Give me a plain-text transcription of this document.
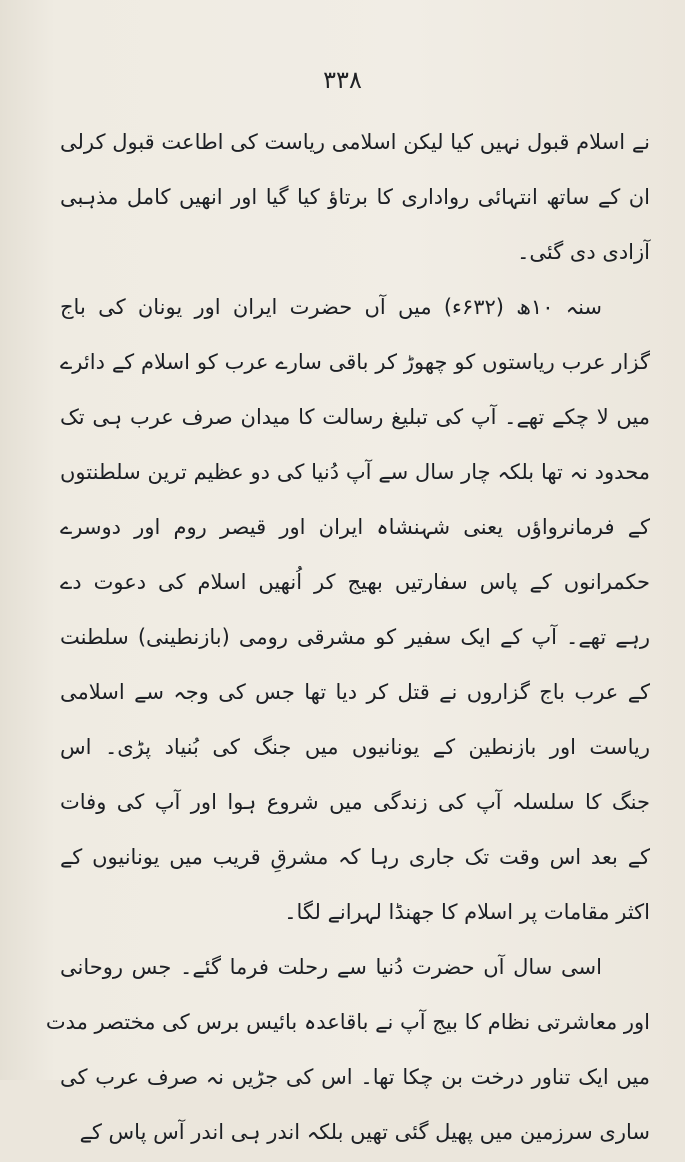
۳۳۸
نے اسلام قبول نہیں کیا لیکن اسلامی ریاست کی اطاعت قبول کرلی
ان کے ساتھ انتہائی رواداری کا برتاؤ کیا گیا اور انھیں کامل مذہبی
آزادی دی گئی۔
سنہ ۱۰ھ (۶۳۲ء) میں آں حضرت ایران اور یونان کی باج
گزار عرب ریاستوں کو چھوڑ کر باقی سارے عرب کو اسلام کے دائرے
میں لا چکے تھے۔ آپ کی تبلیغ رسالت کا میدان صرف عرب ہی تک
محدود نہ تھا بلکہ چار سال سے آپ دُنیا کی دو عظیم ترین سلطنتوں
کے فرمانرواؤں یعنی شہنشاہ ایران اور قیصر روم اور دوسرے
حکمرانوں کے پاس سفارتیں بھیج کر اُنھیں اسلام کی دعوت دے
رہے تھے۔ آپ کے ایک سفیر کو مشرقی رومی (بازنطینی) سلطنت
کے عرب باج گزاروں نے قتل کر دیا تھا جس کی وجہ سے اسلامی
ریاست اور بازنطین کے یونانیوں میں جنگ کی بُنیاد پڑی۔ اس
جنگ کا سلسلہ آپ کی زندگی میں شروع ہوا اور آپ کی وفات
کے بعد اس وقت تک جاری رہا کہ مشرقِ قریب میں یونانیوں کے
اکثر مقامات پر اسلام کا جھنڈا لہرانے لگا۔
اسی سال آں حضرت دُنیا سے رحلت فرما گئے۔ جس روحانی
اور معاشرتی نظام کا بیج آپ نے باقاعدہ بائیس برس کی مختصر مدت
میں ایک تناور درخت بن چکا تھا۔ اس کی جڑیں نہ صرف عرب کی
ساری سرزمین میں پھیل گئی تھیں بلکہ اندر ہی اندر آس پاس کے
